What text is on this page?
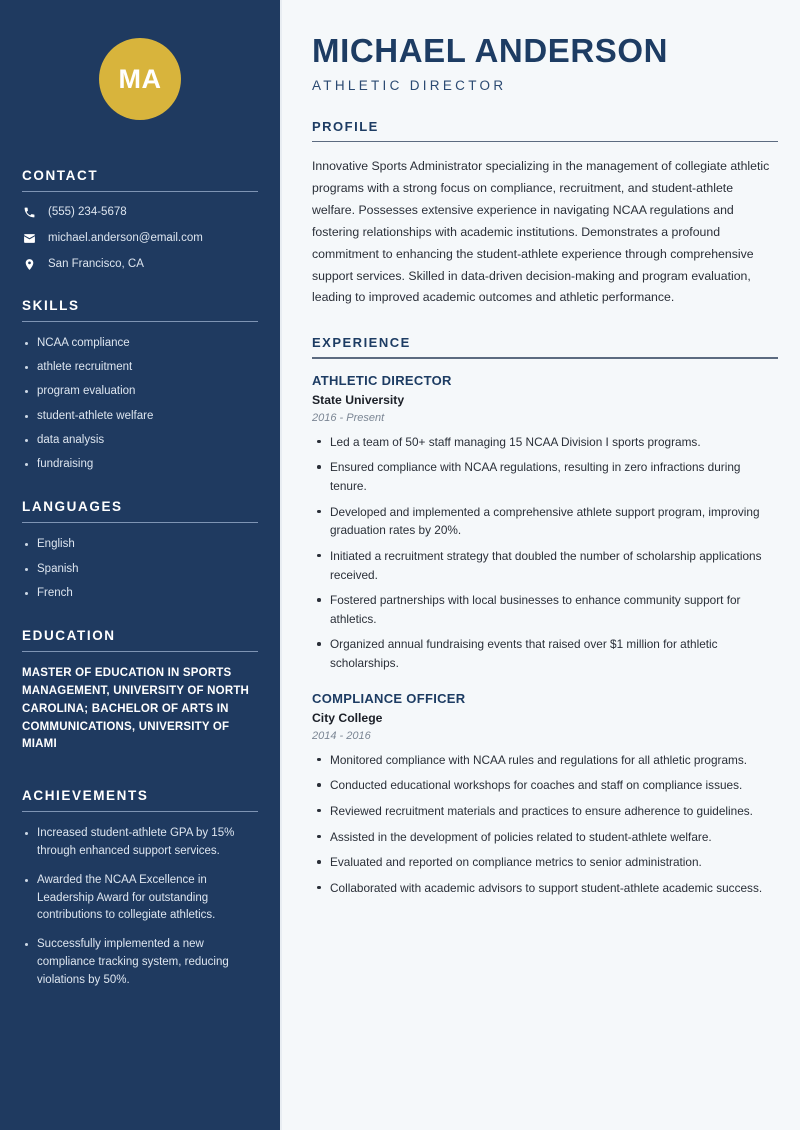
MA
CONTACT
(555) 234-5678
michael.anderson@email.com
San Francisco, CA
SKILLS
NCAA compliance
athlete recruitment
program evaluation
student-athlete welfare
data analysis
fundraising
LANGUAGES
English
Spanish
French
EDUCATION
MASTER OF EDUCATION IN SPORTS MANAGEMENT, UNIVERSITY OF NORTH CAROLINA; BACHELOR OF ARTS IN COMMUNICATIONS, UNIVERSITY OF MIAMI
ACHIEVEMENTS
Increased student-athlete GPA by 15% through enhanced support services.
Awarded the NCAA Excellence in Leadership Award for outstanding contributions to collegiate athletics.
Successfully implemented a new compliance tracking system, reducing violations by 50%.
MICHAEL ANDERSON
ATHLETIC DIRECTOR
PROFILE

Innovative Sports Administrator specializing in the management of collegiate athletic programs with a strong focus on compliance, recruitment, and student-athlete welfare. Possesses extensive experience in navigating NCAA regulations and fostering relationships with academic institutions. Demonstrates a profound commitment to enhancing the student-athlete experience through comprehensive support services. Skilled in data-driven decision-making and program evaluation, leading to improved academic outcomes and athletic performance.

EXPERIENCE
ATHLETIC DIRECTOR
State University
2016 - Present
Led a team of 50+ staff managing 15 NCAA Division I sports programs.
Ensured compliance with NCAA regulations, resulting in zero infractions during tenure.
Developed and implemented a comprehensive athlete support program, improving graduation rates by 20%.
Initiated a recruitment strategy that doubled the number of scholarship applications received.
Fostered partnerships with local businesses to enhance community support for athletics.
Organized annual fundraising events that raised over $1 million for athletic scholarships.
COMPLIANCE OFFICER
City College
2014 - 2016
Monitored compliance with NCAA rules and regulations for all athletic programs.
Conducted educational workshops for coaches and staff on compliance issues.
Reviewed recruitment materials and practices to ensure adherence to guidelines.
Assisted in the development of policies related to student-athlete welfare.
Evaluated and reported on compliance metrics to senior administration.
Collaborated with academic advisors to support student-athlete academic success.
